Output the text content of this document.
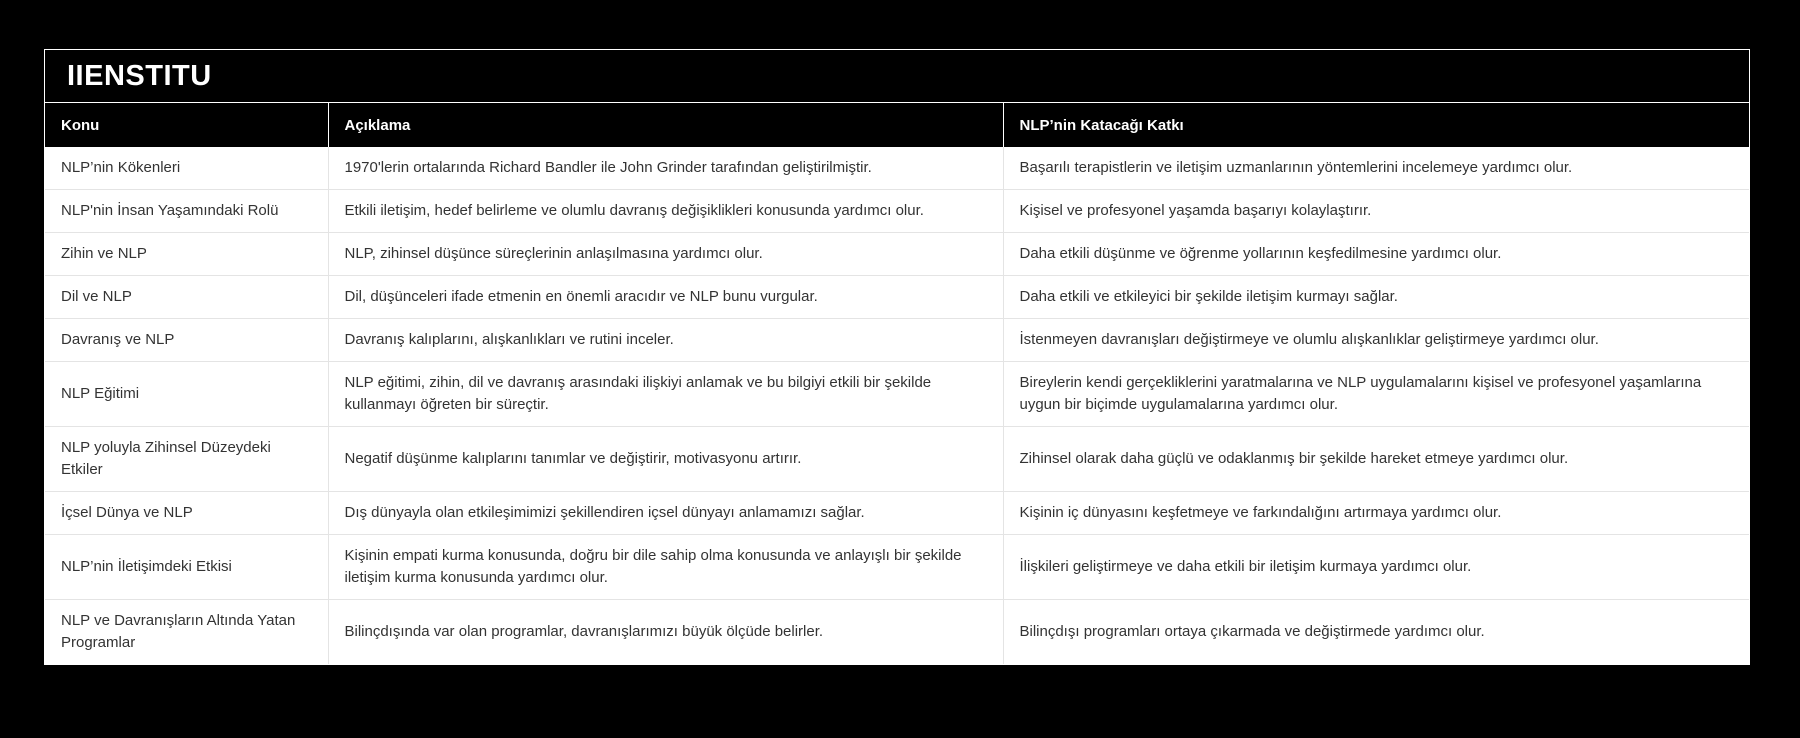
IIENSTITU
Konu	Açıklama	NLP’nin Katacağı Katkı
NLP’nin Kökenleri	1970'lerin ortalarında Richard Bandler ile John Grinder tarafından geliştirilmiştir.	Başarılı terapistlerin ve iletişim uzmanlarının yöntemlerini incelemeye yardımcı olur.
NLP'nin İnsan Yaşamındaki Rolü	Etkili iletişim, hedef belirleme ve olumlu davranış değişiklikleri konusunda yardımcı olur.	Kişisel ve profesyonel yaşamda başarıyı kolaylaştırır.
Zihin ve NLP	NLP, zihinsel düşünce süreçlerinin anlaşılmasına yardımcı olur.	Daha etkili düşünme ve öğrenme yollarının keşfedilmesine yardımcı olur.
Dil ve NLP	Dil, düşünceleri ifade etmenin en önemli aracıdır ve NLP bunu vurgular.	Daha etkili ve etkileyici bir şekilde iletişim kurmayı sağlar.
Davranış ve NLP	Davranış kalıplarını, alışkanlıkları ve rutini inceler.	İstenmeyen davranışları değiştirmeye ve olumlu alışkanlıklar geliştirmeye yardımcı olur.
NLP Eğitimi	NLP eğitimi, zihin, dil ve davranış arasındaki ilişkiyi anlamak ve bu bilgiyi etkili bir şekilde kullanmayı öğreten bir süreçtir.	Bireylerin kendi gerçekliklerini yaratmalarına ve NLP uygulamalarını kişisel ve profesyonel yaşamlarına uygun bir biçimde uygulamalarına yardımcı olur.
NLP yoluyla Zihinsel Düzeydeki Etkiler	Negatif düşünme kalıplarını tanımlar ve değiştirir, motivasyonu artırır.	Zihinsel olarak daha güçlü ve odaklanmış bir şekilde hareket etmeye yardımcı olur.
İçsel Dünya ve NLP	Dış dünyayla olan etkileşimimizi şekillendiren içsel dünyayı anlamamızı sağlar.	Kişinin iç dünyasını keşfetmeye ve farkındalığını artırmaya yardımcı olur.
NLP’nin İletişimdeki Etkisi	Kişinin empati kurma konusunda, doğru bir dile sahip olma konusunda ve anlayışlı bir şekilde iletişim kurma konusunda yardımcı olur.	İlişkileri geliştirmeye ve daha etkili bir iletişim kurmaya yardımcı olur.
NLP ve Davranışların Altında Yatan Programlar	Bilinçdışında var olan programlar, davranışlarımızı büyük ölçüde belirler.	Bilinçdışı programları ortaya çıkarmada ve değiştirmede yardımcı olur.
